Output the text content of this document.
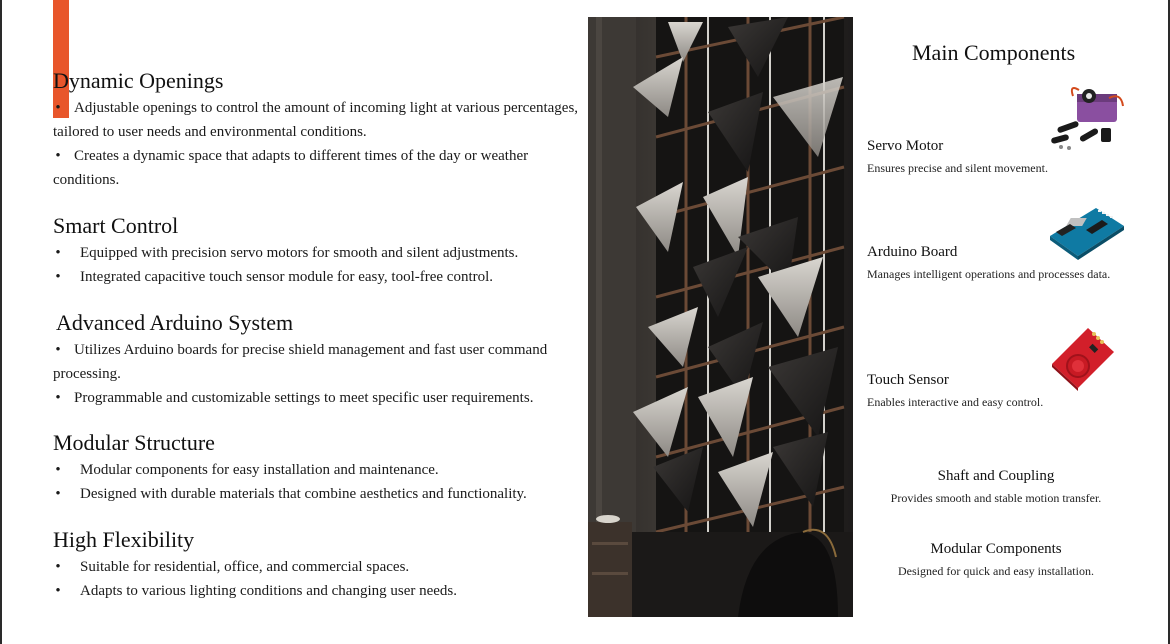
Dynamic Openings
• Adjustable openings to control the amount of incoming light at various percentages, tailored to user needs and environmental conditions.
• Creates a dynamic space that adapts to different times of the day or weather conditions.
Smart Control
• Equipped with precision servo motors for smooth and silent adjustments.
• Integrated capacitive touch sensor module for easy, tool-free control.
Advanced Arduino System
• Utilizes Arduino boards for precise shield management and fast user command processing.
• Programmable and customizable settings to meet specific user requirements.
Modular Structure
• Modular components for easy installation and maintenance.
• Designed with durable materials that combine aesthetics and functionality.
High Flexibility
• Suitable for residential, office, and commercial spaces.
• Adapts to various lighting conditions and changing user needs.
Main Components
Servo Motor
Ensures precise and silent movement.
Arduino Board
Manages intelligent operations and processes data.
Touch Sensor
Enables interactive and easy control.
Shaft and Coupling
Provides smooth and stable motion transfer.
Modular Components
Designed for quick and easy installation.
